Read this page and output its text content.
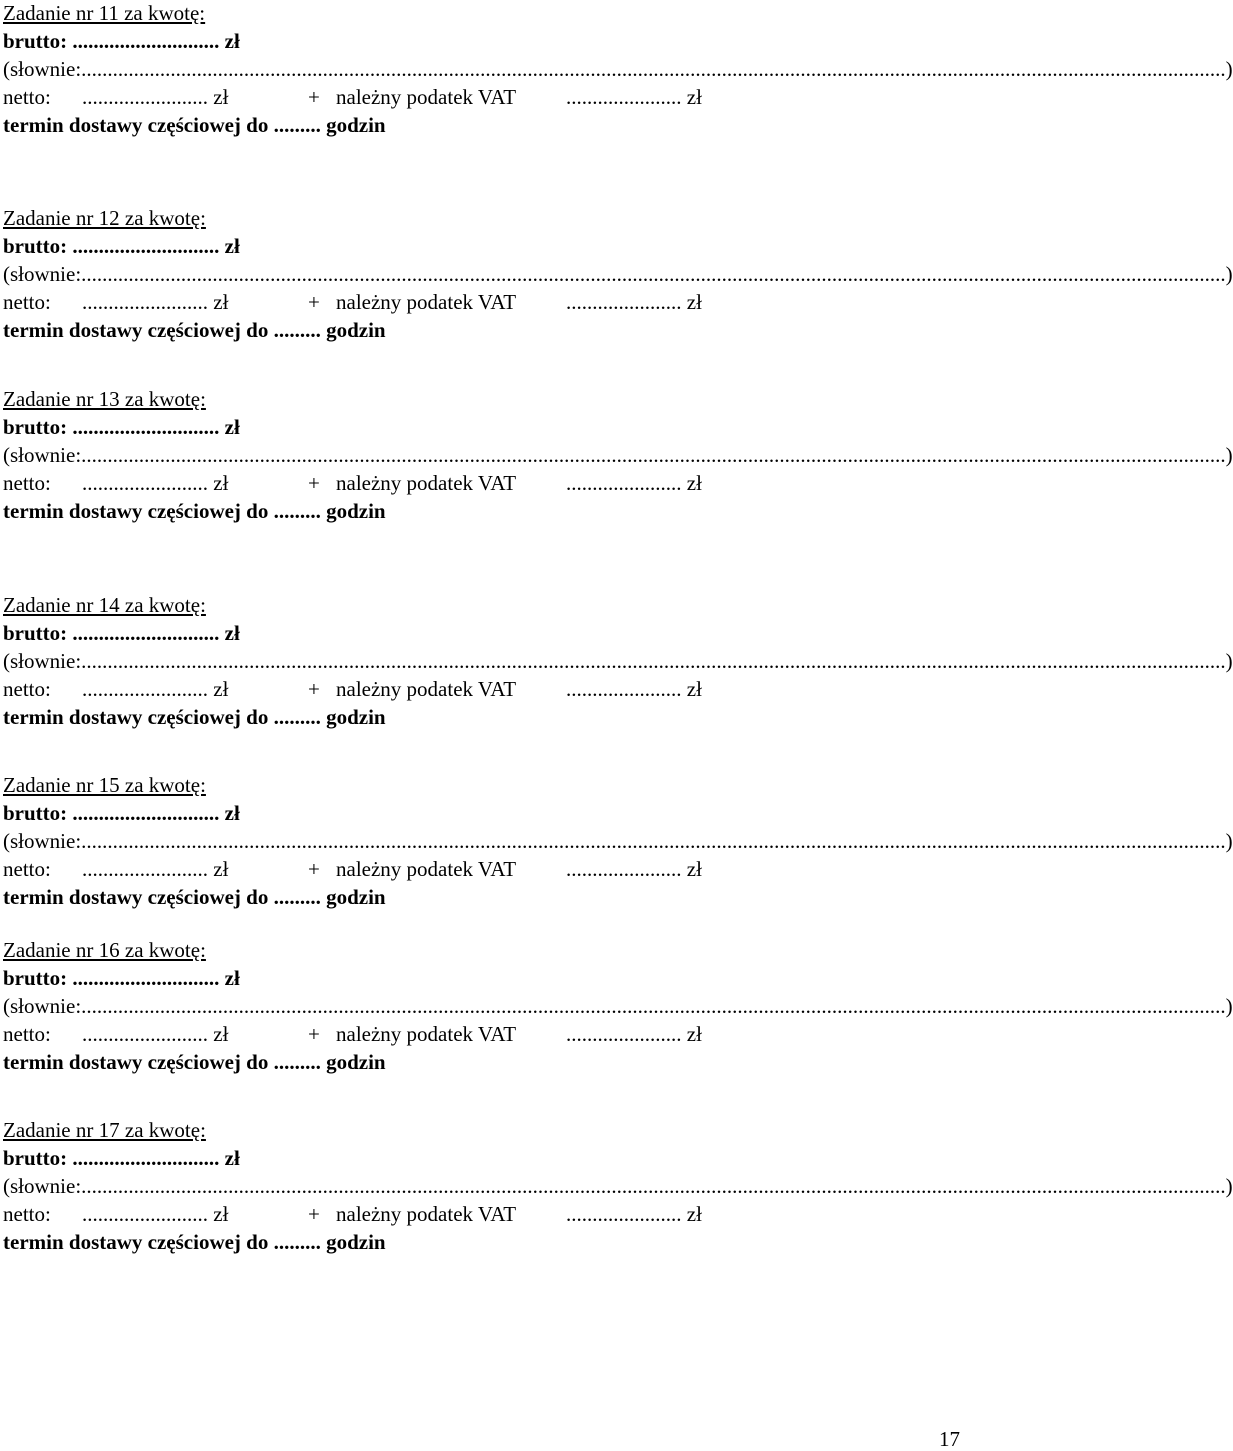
Zadanie nr 11 za kwotę:
brutto: ............................ zł
(słownie: .......................................................................................................................................................................................................................... )
netto: ........................ zł	+ należny podatek VAT ...................... zł
termin dostawy częściowej do ......... godzin
Zadanie nr 12 za kwotę:
brutto: ............................ zł
(słownie: .......................................................................................................................................................................................................................... )
netto: ........................ zł	+ należny podatek VAT ...................... zł
termin dostawy częściowej do ......... godzin
Zadanie nr 13 za kwotę:
brutto: ............................ zł
(słownie: .......................................................................................................................................................................................................................... )
netto: ........................ zł	+ należny podatek VAT ...................... zł
termin dostawy częściowej do ......... godzin
Zadanie nr 14 za kwotę:
brutto: ............................ zł
(słownie: .......................................................................................................................................................................................................................... )
netto: ........................ zł	+ należny podatek VAT ...................... zł
termin dostawy częściowej do ......... godzin
Zadanie nr 15 za kwotę:
brutto: ............................ zł
(słownie: .......................................................................................................................................................................................................................... )
netto: ........................ zł	+ należny podatek VAT ...................... zł
termin dostawy częściowej do ......... godzin
Zadanie nr 16 za kwotę:
brutto: ............................ zł
(słownie: .......................................................................................................................................................................................................................... )
netto: ........................ zł	+ należny podatek VAT ...................... zł
termin dostawy częściowej do ......... godzin
Zadanie nr 17 za kwotę:
brutto: ............................ zł
(słownie: .......................................................................................................................................................................................................................... )
netto: ........................ zł	+ należny podatek VAT ...................... zł
termin dostawy częściowej do ......... godzin
17
